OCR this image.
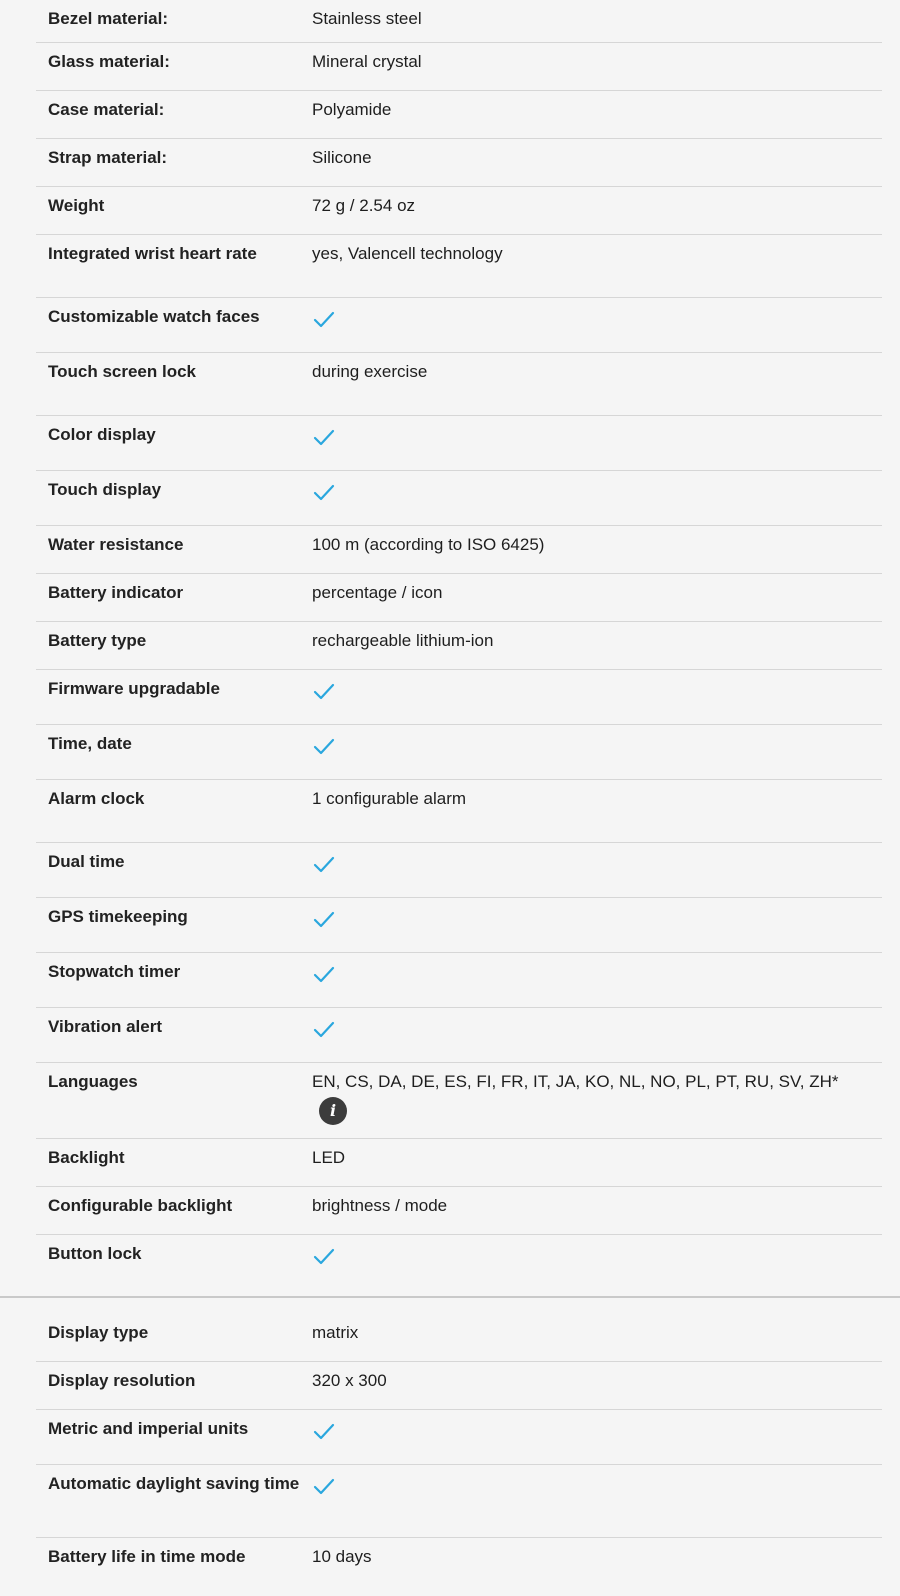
Bezel material:	Stainless steel
Glass material:	Mineral crystal
Case material:	Polyamide
Strap material:	Silicone
Weight	72 g / 2.54 oz
Integrated wrist heart rate	yes, Valencell technology
Customizable watch faces
Touch screen lock	during exercise
Color display
Touch display
Water resistance	100 m (according to ISO 6425)
Battery indicator	percentage / icon
Battery type	rechargeable lithium-ion
Firmware upgradable
Time, date
Alarm clock	1 configurable alarm
Dual time
GPS timekeeping
Stopwatch timer
Vibration alert
Languages	EN, CS, DA, DE, ES, FI, FR, IT, JA, KO, NL, NO, PL, PT, RU, SV, ZH*
i
Backlight	LED
Configurable backlight	brightness / mode
Button lock
Display type	matrix
Display resolution	320 x 300
Metric and imperial units
Automatic daylight saving time
Battery life in time mode	10 days
